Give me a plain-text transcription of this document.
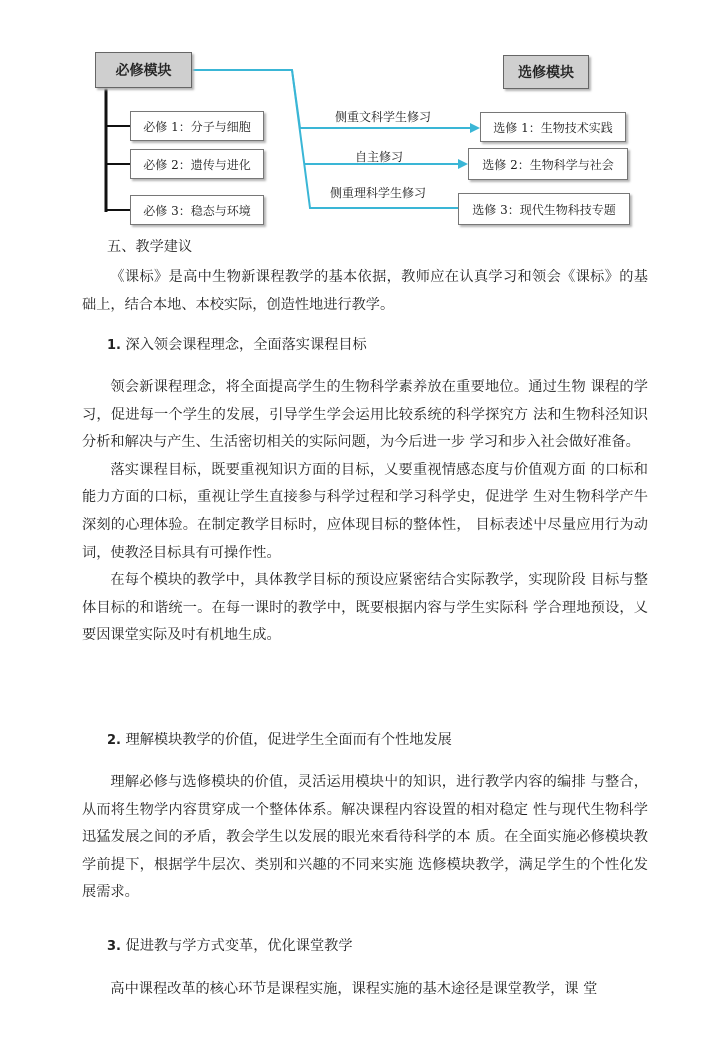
必修模块	选修模块
必修 1：分子与细胞
必修 2：遗传与进化
必修 3：稳态与环境
选修 1：生物技术实践
选修 2：生物科学与社会
选修 3：现代生物科技专题
侧重文科学生修习
自主修习
侧重理科学生修习
五、教学建议

《课标》是高中生物新课程教学的基本依据，教师应在认真学习和领会《课标》的基础上，结合本地、本校实际，创造性地进行教学。

1. 深入领会课程理念，全面落实课程目标

领会新课程理念，将全面提高学生的生物科学素养放在重要地位。通过生物 课程的学习，促进每一个学生的发展，引导学生学会运用比较系统的科学探究方 法和生物科泾知识分析和解决与产生、生活密切相关的实际问题，为今后进一步 学习和步入社会做好准备。

落实课程目标，既要重视知识方面的目标，乂要重视情感态度与价值观方面 的口标和能力方面的口标，重视让学生直接参与科学过程和学习科学史，促进学 生对生物科学产牛深刻的心理体验。在制定教学目标时，应体现目标的整体性， 目标表述屮尽量应用行为动词，使教泾目标具有可操作性。

在每个模块的教学中，具体教学目标的预设应紧密结合实际教学，实现阶段 目标与整体目标的和谐统一。在每一课时的教学中，既要根据内容与学生实际科 学合理地预设，乂要因课堂实际及吋有机地生成。

2. 理解模块教学的价值，促进学生全面而有个性地发展

理解必修与选修模块的价值，灵活运用模块屮的知识，进行教学内容的编排 与整合，从而将生物学内容贯穿成一个整体体系。解决课程内容设置的相对稳定 性与现代生物科学迅猛发展之间的矛盾，教会学生以发展的眼光來看待科学的本 质。在全面实施必修模块教学前提下，根据学牛层次、类别和兴趣的不同来实施 选修模块教学，满足学生的个性化发展需求。

3. 促进教与学方式变革，优化课堂教学

高中课程改革的核心环节是课程实施，课程实施的基木途径是课堂教学，课 堂
